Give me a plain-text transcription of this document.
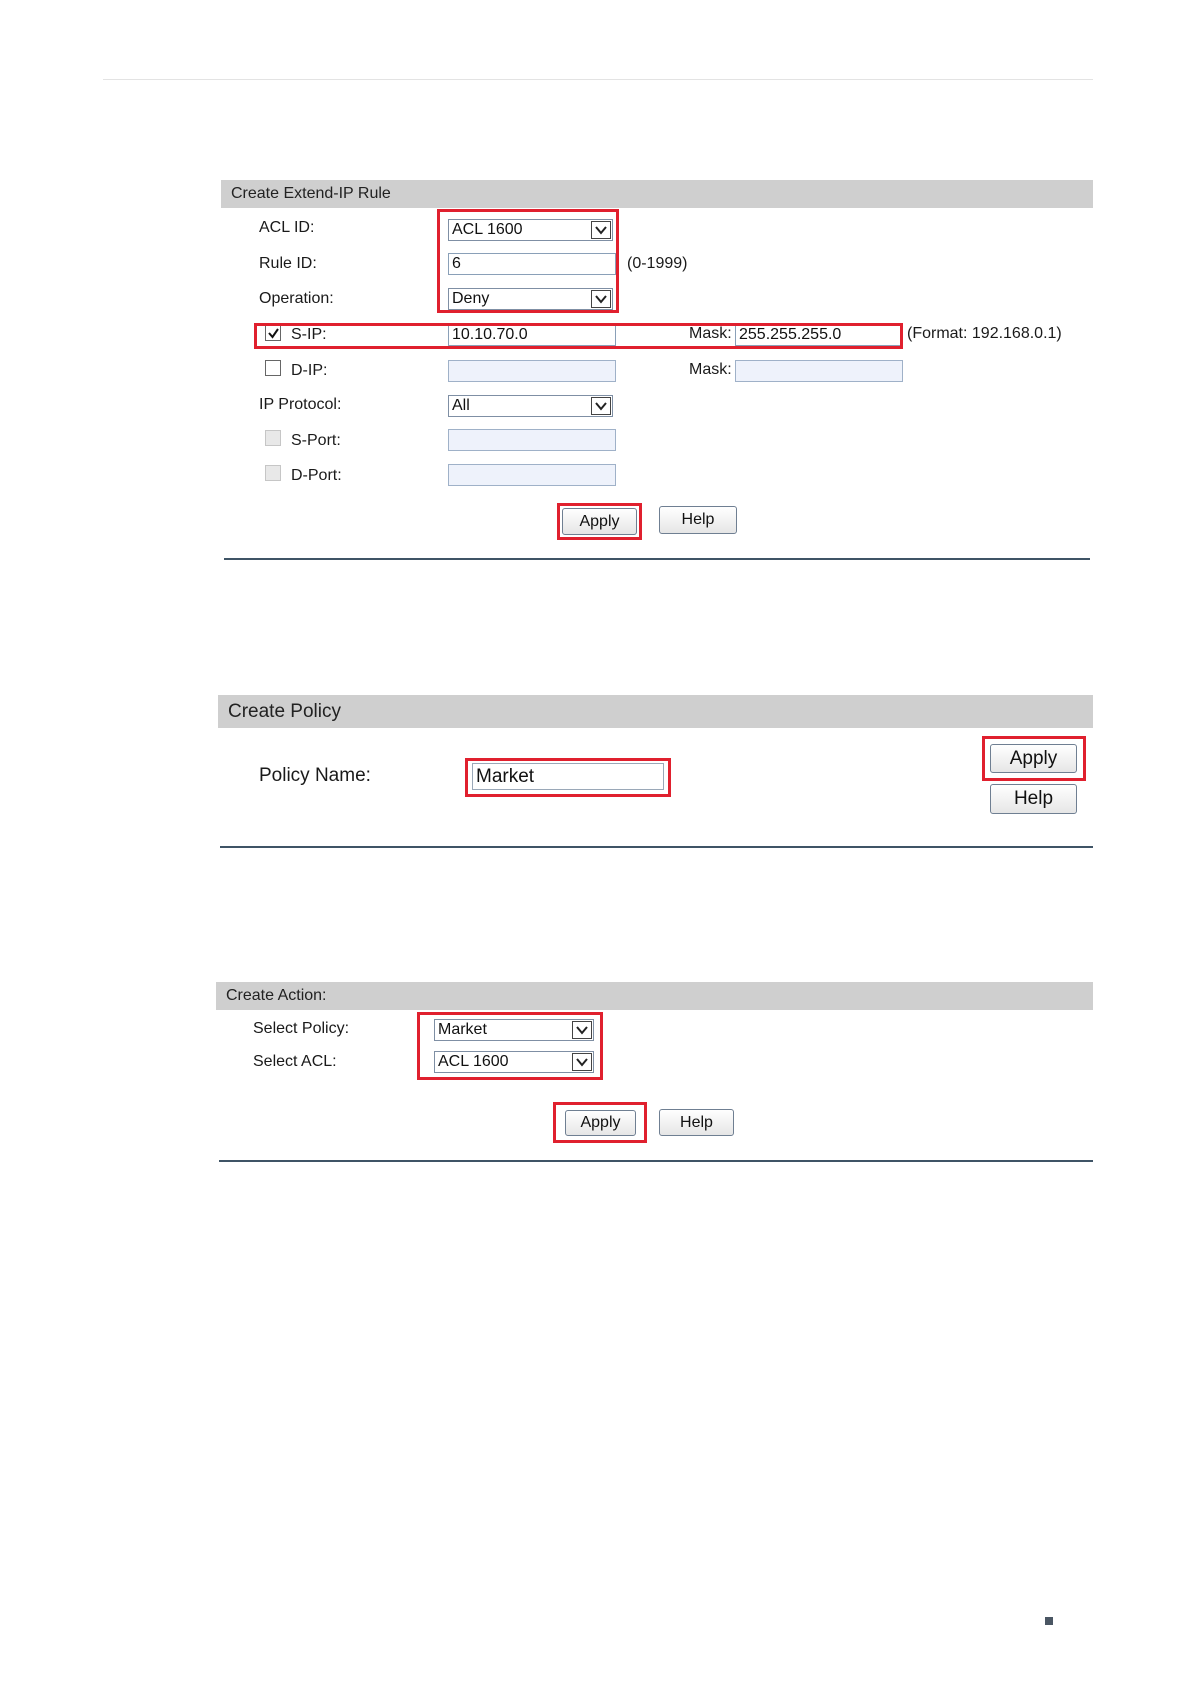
Create Extend-IP Rule
ACL ID:	ACL 1600
Rule ID:	6	(0-1999)
Operation:	Deny
S-IP:	10.10.70.0	Mask: 255.255.255.0	(Format: 192.168.0.1)
D-IP:	Mask:
IP Protocol:	All
S-Port:
D-Port:
Apply	Help
Create Policy
Policy Name:	Market
Apply
Help
Create Action:
Select Policy:	Market
Select ACL:	ACL 1600
Apply	Help
